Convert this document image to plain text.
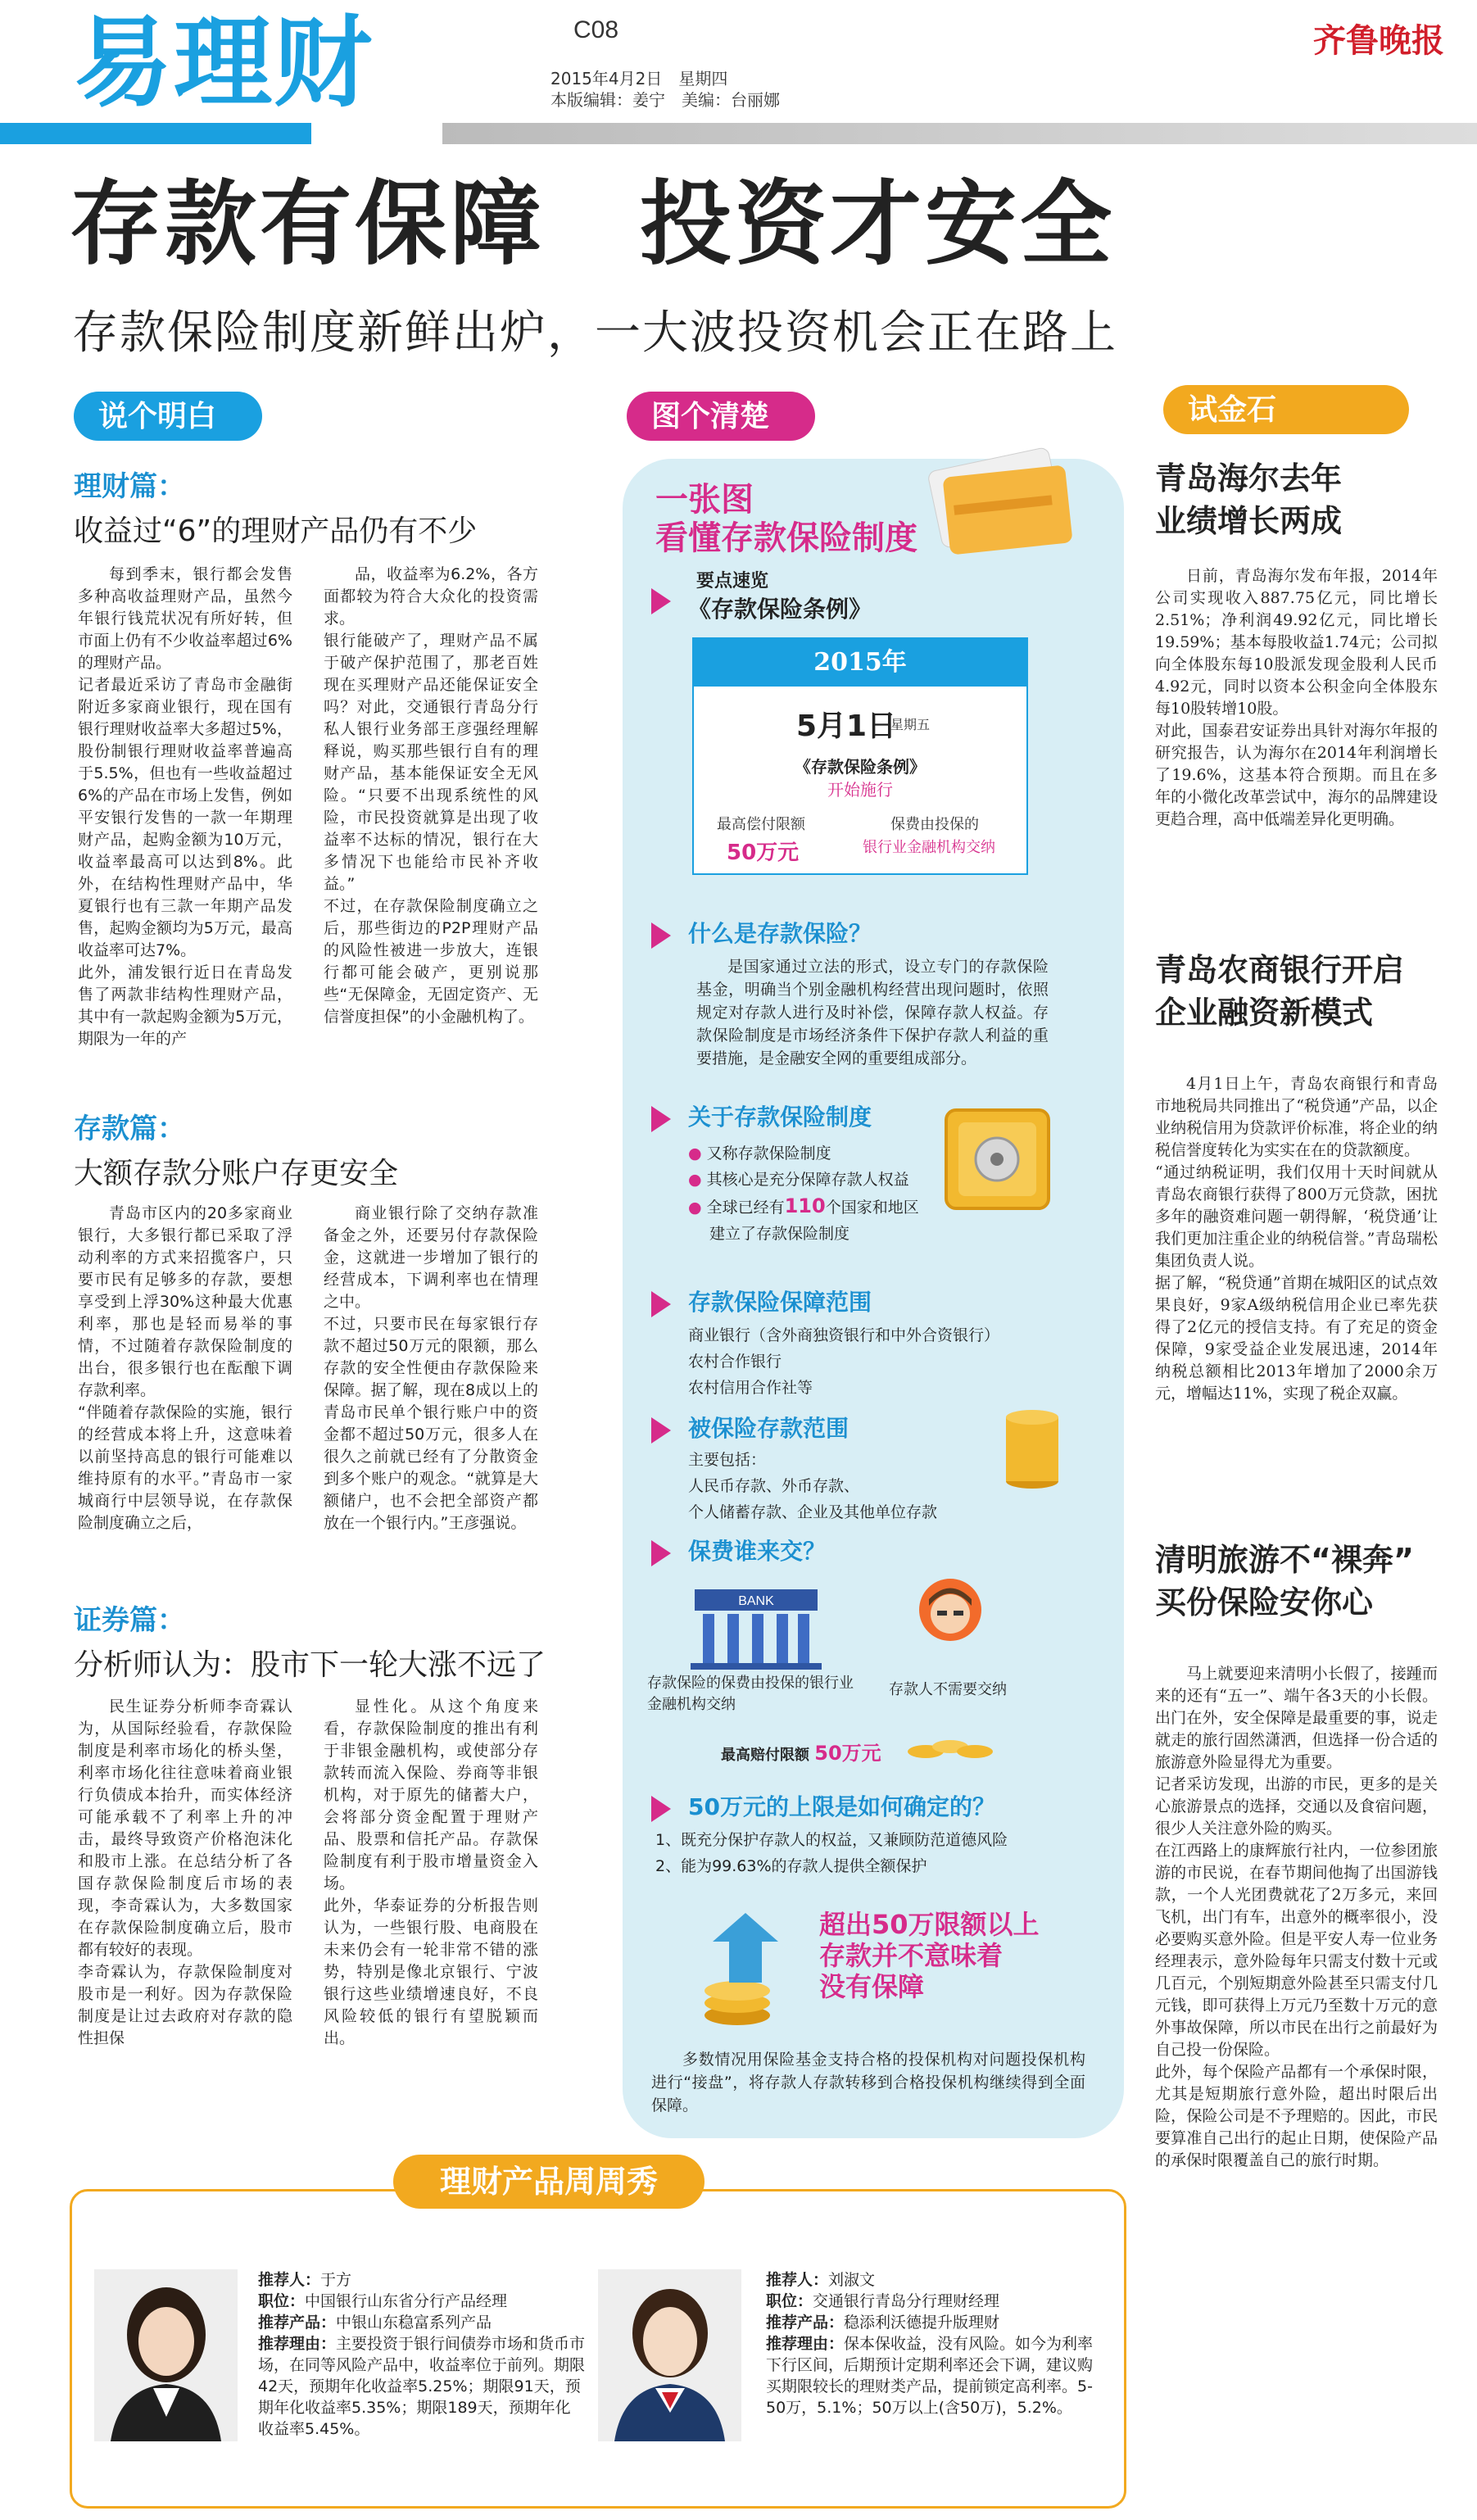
易理财	C08
2015年4月2日　星期四
本版编辑：姜宁　美编：台丽娜
齐鲁晚报
存款有保障　投资才安全
存款保险制度新鲜出炉，一大波投资机会正在路上
说个明白	图个清楚	试金石
理财篇：
收益过“6”的理财产品仍有不少
每到季末，银行都会发售多种高收益理财产品，虽然今年银行钱荒状况有所好转，但市面上仍有不少收益率超过6%的理财产品。
记者最近采访了青岛市金融街附近多家商业银行，现在国有银行理财收益率大多超过5%，股份制银行理财收益率普遍高于5.5%，但也有一些收益超过6%的产品在市场上发售，例如平安银行发售的一款一年期理财产品，起购金额为10万元，收益率最高可以达到8%。此外，在结构性理财产品中，华夏银行也有三款一年期产品发售，起购金额均为5万元，最高收益率可达7%。
此外，浦发银行近日在青岛发售了两款非结构性理财产品，其中有一款起购金额为5万元，期限为一年的产
品，收益率为6.2%，各方面都较为符合大众化的投资需求。
银行能破产了，理财产品不属于破产保护范围了，那老百姓现在买理财产品还能保证安全吗？对此，交通银行青岛分行私人银行业务部王彦强经理解释说，购买那些银行自有的理财产品，基本能保证安全无风险。“只要不出现系统性的风险，市民投资就算是出现了收益率不达标的情况，银行在大多情况下也能给市民补齐收益。”
不过，在存款保险制度确立之后，那些街边的P2P理财产品的风险性被进一步放大，连银行都可能会破产，更别说那些“无保障金，无固定资产、无信誉度担保”的小金融机构了。
存款篇：
大额存款分账户存更安全
青岛市区内的20多家商业银行，大多银行都已采取了浮动利率的方式来招揽客户，只要市民有足够多的存款，要想享受到上浮30%这种最大优惠利率，那也是轻而易举的事情，不过随着存款保险制度的出台，很多银行也在酝酿下调存款利率。
“伴随着存款保险的实施，银行的经营成本将上升，这意味着以前坚持高息的银行可能难以维持原有的水平。”青岛市一家城商行中层领导说，在存款保险制度确立之后，
商业银行除了交纳存款准备金之外，还要另付存款保险金，这就进一步增加了银行的经营成本，下调利率也在情理之中。
不过，只要市民在每家银行存款不超过50万元的限额，那么存款的安全性便由存款保险来保障。据了解，现在8成以上的青岛市民单个银行账户中的资金都不超过50万元，很多人在很久之前就已经有了分散资金到多个账户的观念。“就算是大额储户，也不会把全部资产都放在一个银行内。”王彦强说。
证券篇：
分析师认为：股市下一轮大涨不远了
民生证券分析师李奇霖认为，从国际经验看，存款保险制度是利率市场化的桥头堡，利率市场化往往意味着商业银行负债成本抬升，而实体经济可能承载不了利率上升的冲击，最终导致资产价格泡沫化和股市上涨。在总结分析了各国存款保险制度后市场的表现，李奇霖认为，大多数国家在存款保险制度确立后，股市都有较好的表现。
李奇霖认为，存款保险制度对股市是一利好。因为存款保险制度是让过去政府对存款的隐性担保
显性化。从这个角度来看，存款保险制度的推出有利于非银金融机构，或使部分存款转而流入保险、券商等非银机构，对于原先的储蓄大户，会将部分资金配置于理财产品、股票和信托产品。存款保险制度有利于股市增量资金入场。
此外，华泰证券的分析报告则认为，一些银行股、电商股在未来仍会有一轮非常不错的涨势，特别是像北京银行、宁波银行这些业绩增速良好，不良风险较低的银行有望脱颖而出。
一张图
看懂存款保险制度
要点速览
《存款保险条例》
2015年
5月1日
星期五
《存款保险条例》
开始施行
最高偿付限额
50万元
保费由投保的
银行业金融机构交纳
什么是存款保险？
是国家通过立法的形式，设立专门的存款保险基金，明确当个别金融机构经营出现问题时，依照规定对存款人进行及时补偿，保障存款人权益。存款保险制度是市场经济条件下保护存款人利益的重要措施，是金融安全网的重要组成部分。
关于存款保险制度
● 又称存款保险制度
● 其核心是充分保障存款人权益
● 全球已经有110个国家和地区
建立了存款保险制度
存款保险保障范围
商业银行（含外商独资银行和中外合资银行）
农村合作银行
农村信用合作社等
被保险存款范围
主要包括：
人民币存款、外币存款、
个人储蓄存款、企业及其他单位存款
保费谁来交？
BANK
存款保险的保费由投保的银行业金融机构交纳
存款人不需要交纳
最高赔付限额 50万元
50万元的上限是如何确定的？
1、既充分保护存款人的权益，又兼顾防范道德风险
2、能为99.63%的存款人提供全额保护
超出50万限额以上
存款并不意味着
没有保障
多数情况用保险基金支持合格的投保机构对问题投保机构进行“接盘”，将存款人存款转移到合格投保机构继续得到全面保障。
青岛海尔去年
业绩增长两成
日前，青岛海尔发布年报，2014年公司实现收入887.75亿元，同比增长2.51%；净利润49.92亿元，同比增长19.59%；基本每股收益1.74元；公司拟向全体股东每10股派发现金股利人民币4.92元，同时以资本公积金向全体股东每10股转增10股。
对此，国泰君安证券出具针对海尔年报的研究报告，认为海尔在2014年利润增长了19.6%，这基本符合预期。而且在多年的小微化改革尝试中，海尔的品牌建设更趋合理，高中低端差异化更明确。
青岛农商银行开启
企业融资新模式
4月1日上午，青岛农商银行和青岛市地税局共同推出了“税贷通”产品，以企业纳税信用为贷款评价标准，将企业的纳税信誉度转化为实实在在的贷款额度。
“通过纳税证明，我们仅用十天时间就从青岛农商银行获得了800万元贷款，困扰多年的融资难问题一朝得解，‘税贷通’让我们更加注重企业的纳税信誉。”青岛瑞松集团负责人说。
据了解，“税贷通”首期在城阳区的试点效果良好，9家A级纳税信用企业已率先获得了2亿元的授信支持。有了充足的资金保障，9家受益企业发展迅速，2014年纳税总额相比2013年增加了2000余万元，增幅达11%，实现了税企双赢。
清明旅游不“裸奔”
买份保险安你心
马上就要迎来清明小长假了，接踵而来的还有“五一”、端午各3天的小长假。出门在外，安全保障是最重要的事，说走就走的旅行固然潇洒，但选择一份合适的旅游意外险显得尤为重要。
记者采访发现，出游的市民，更多的是关心旅游景点的选择，交通以及食宿问题，很少人关注意外险的购买。
在江西路上的康辉旅行社内，一位参团旅游的市民说，在春节期间他掏了出国游钱款，一个人光团费就花了2万多元，来回飞机，出门有车，出意外的概率很小，没必要购买意外险。但是平安人寿一位业务经理表示，意外险每年只需支付数十元或几百元，个别短期意外险甚至只需支付几元钱，即可获得上万元乃至数十万元的意外事故保障，所以市民在出行之前最好为自己投一份保险。
此外，每个保险产品都有一个承保时限，尤其是短期旅行意外险，超出时限后出险，保险公司是不予理赔的。因此，市民要算准自己出行的起止日期，使保险产品的承保时限覆盖自己的旅行时期。
理财产品周周秀
推荐人：于方
职位：中国银行山东省分行产品经理
推荐产品：中银山东稳富系列产品
推荐理由：主要投资于银行间债券市场和货币市场，在同等风险产品中，收益率位于前列。期限42天，预期年化收益率5.25%；期限91天，预期年化收益率5.35%；期限189天，预期年化收益率5.45%。
推荐人：刘淑文
职位：交通银行青岛分行理财经理
推荐产品：稳添利沃德提升版理财
推荐理由：保本保收益，没有风险。如今为利率下行区间，后期预计定期利率还会下调，建议购买期限较长的理财类产品，提前锁定高利率。5-50万，5.1%；50万以上(含50万)，5.2%。
